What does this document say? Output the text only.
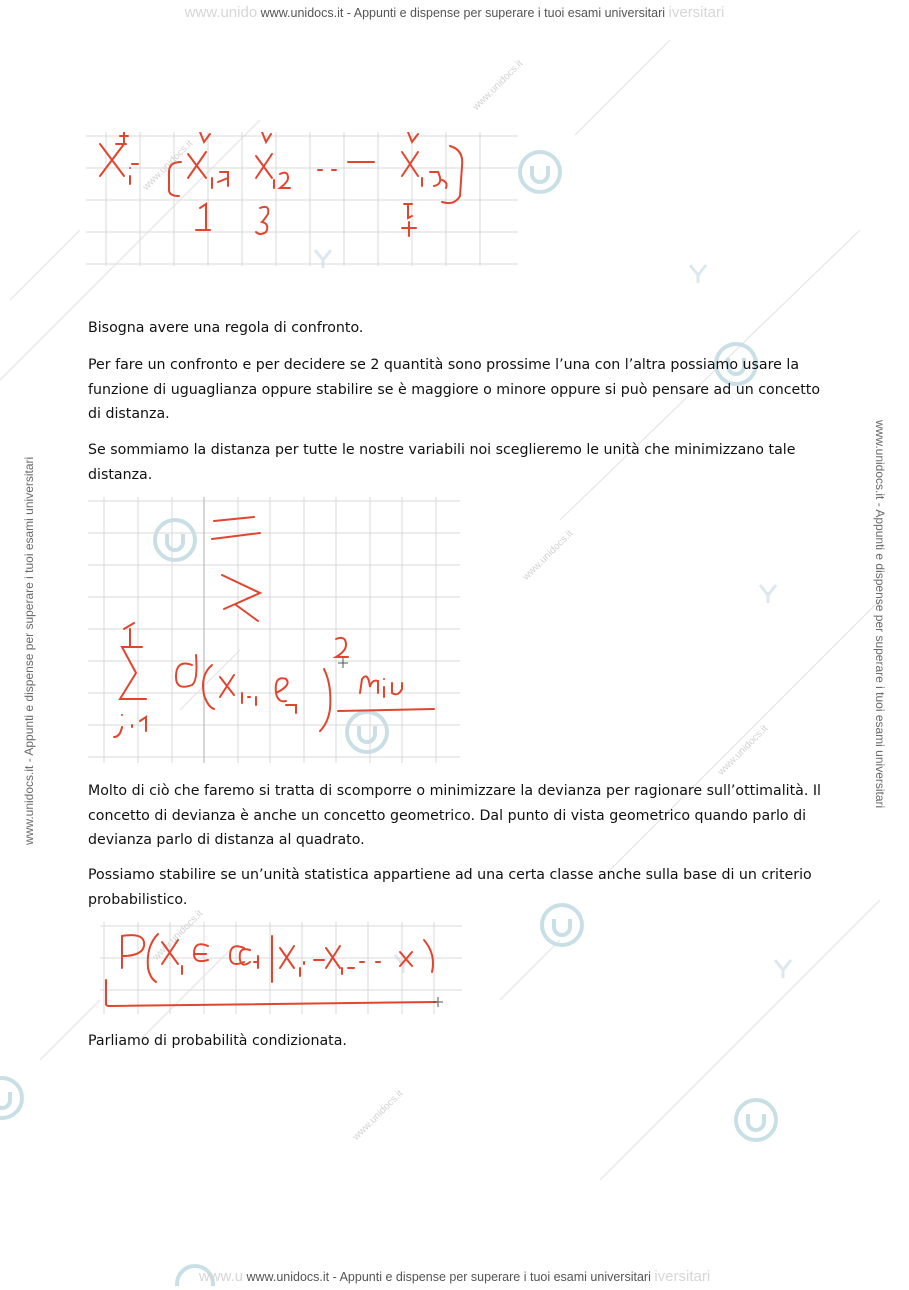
www.unidocs.it
www.unidocs.it
www.unidocs.it
www.unidocs.it
www.unidocs.it
www.unidocs.it
www.unido www.unidocs.it - Appunti e dispense per superare i tuoi esami universitari iversitari
www.unidocs.it - Appunti e dispense per superare i tuoi esami universitari	www.unidocs.it - Appunti e dispense per superare i tuoi esami universitari

Bisogna avere una regola di confronto.

Per fare un confronto e per decidere se 2 quantità sono prossime l’una con l’altra possiamo usare la funzione di uguaglianza oppure stabilire se è maggiore o minore oppure si può pensare ad un concetto di distanza.

Se sommiamo la distanza per tutte le nostre variabili noi sceglieremo le unità che minimizzano tale distanza.

Molto di ciò che faremo si tratta di scomporre o minimizzare la devianza per ragionare sull’ottimalità. Il concetto di devianza è anche un concetto geometrico. Dal punto di vista geometrico quando parlo di devianza parlo di distanza al quadrato.

Possiamo stabilire se un’unità statistica appartiene ad una certa classe anche sulla base di un criterio probabilistico.

Parliamo di probabilità condizionata.

www.u www.unidocs.it - Appunti e dispense per superare i tuoi esami universitari iversitari
